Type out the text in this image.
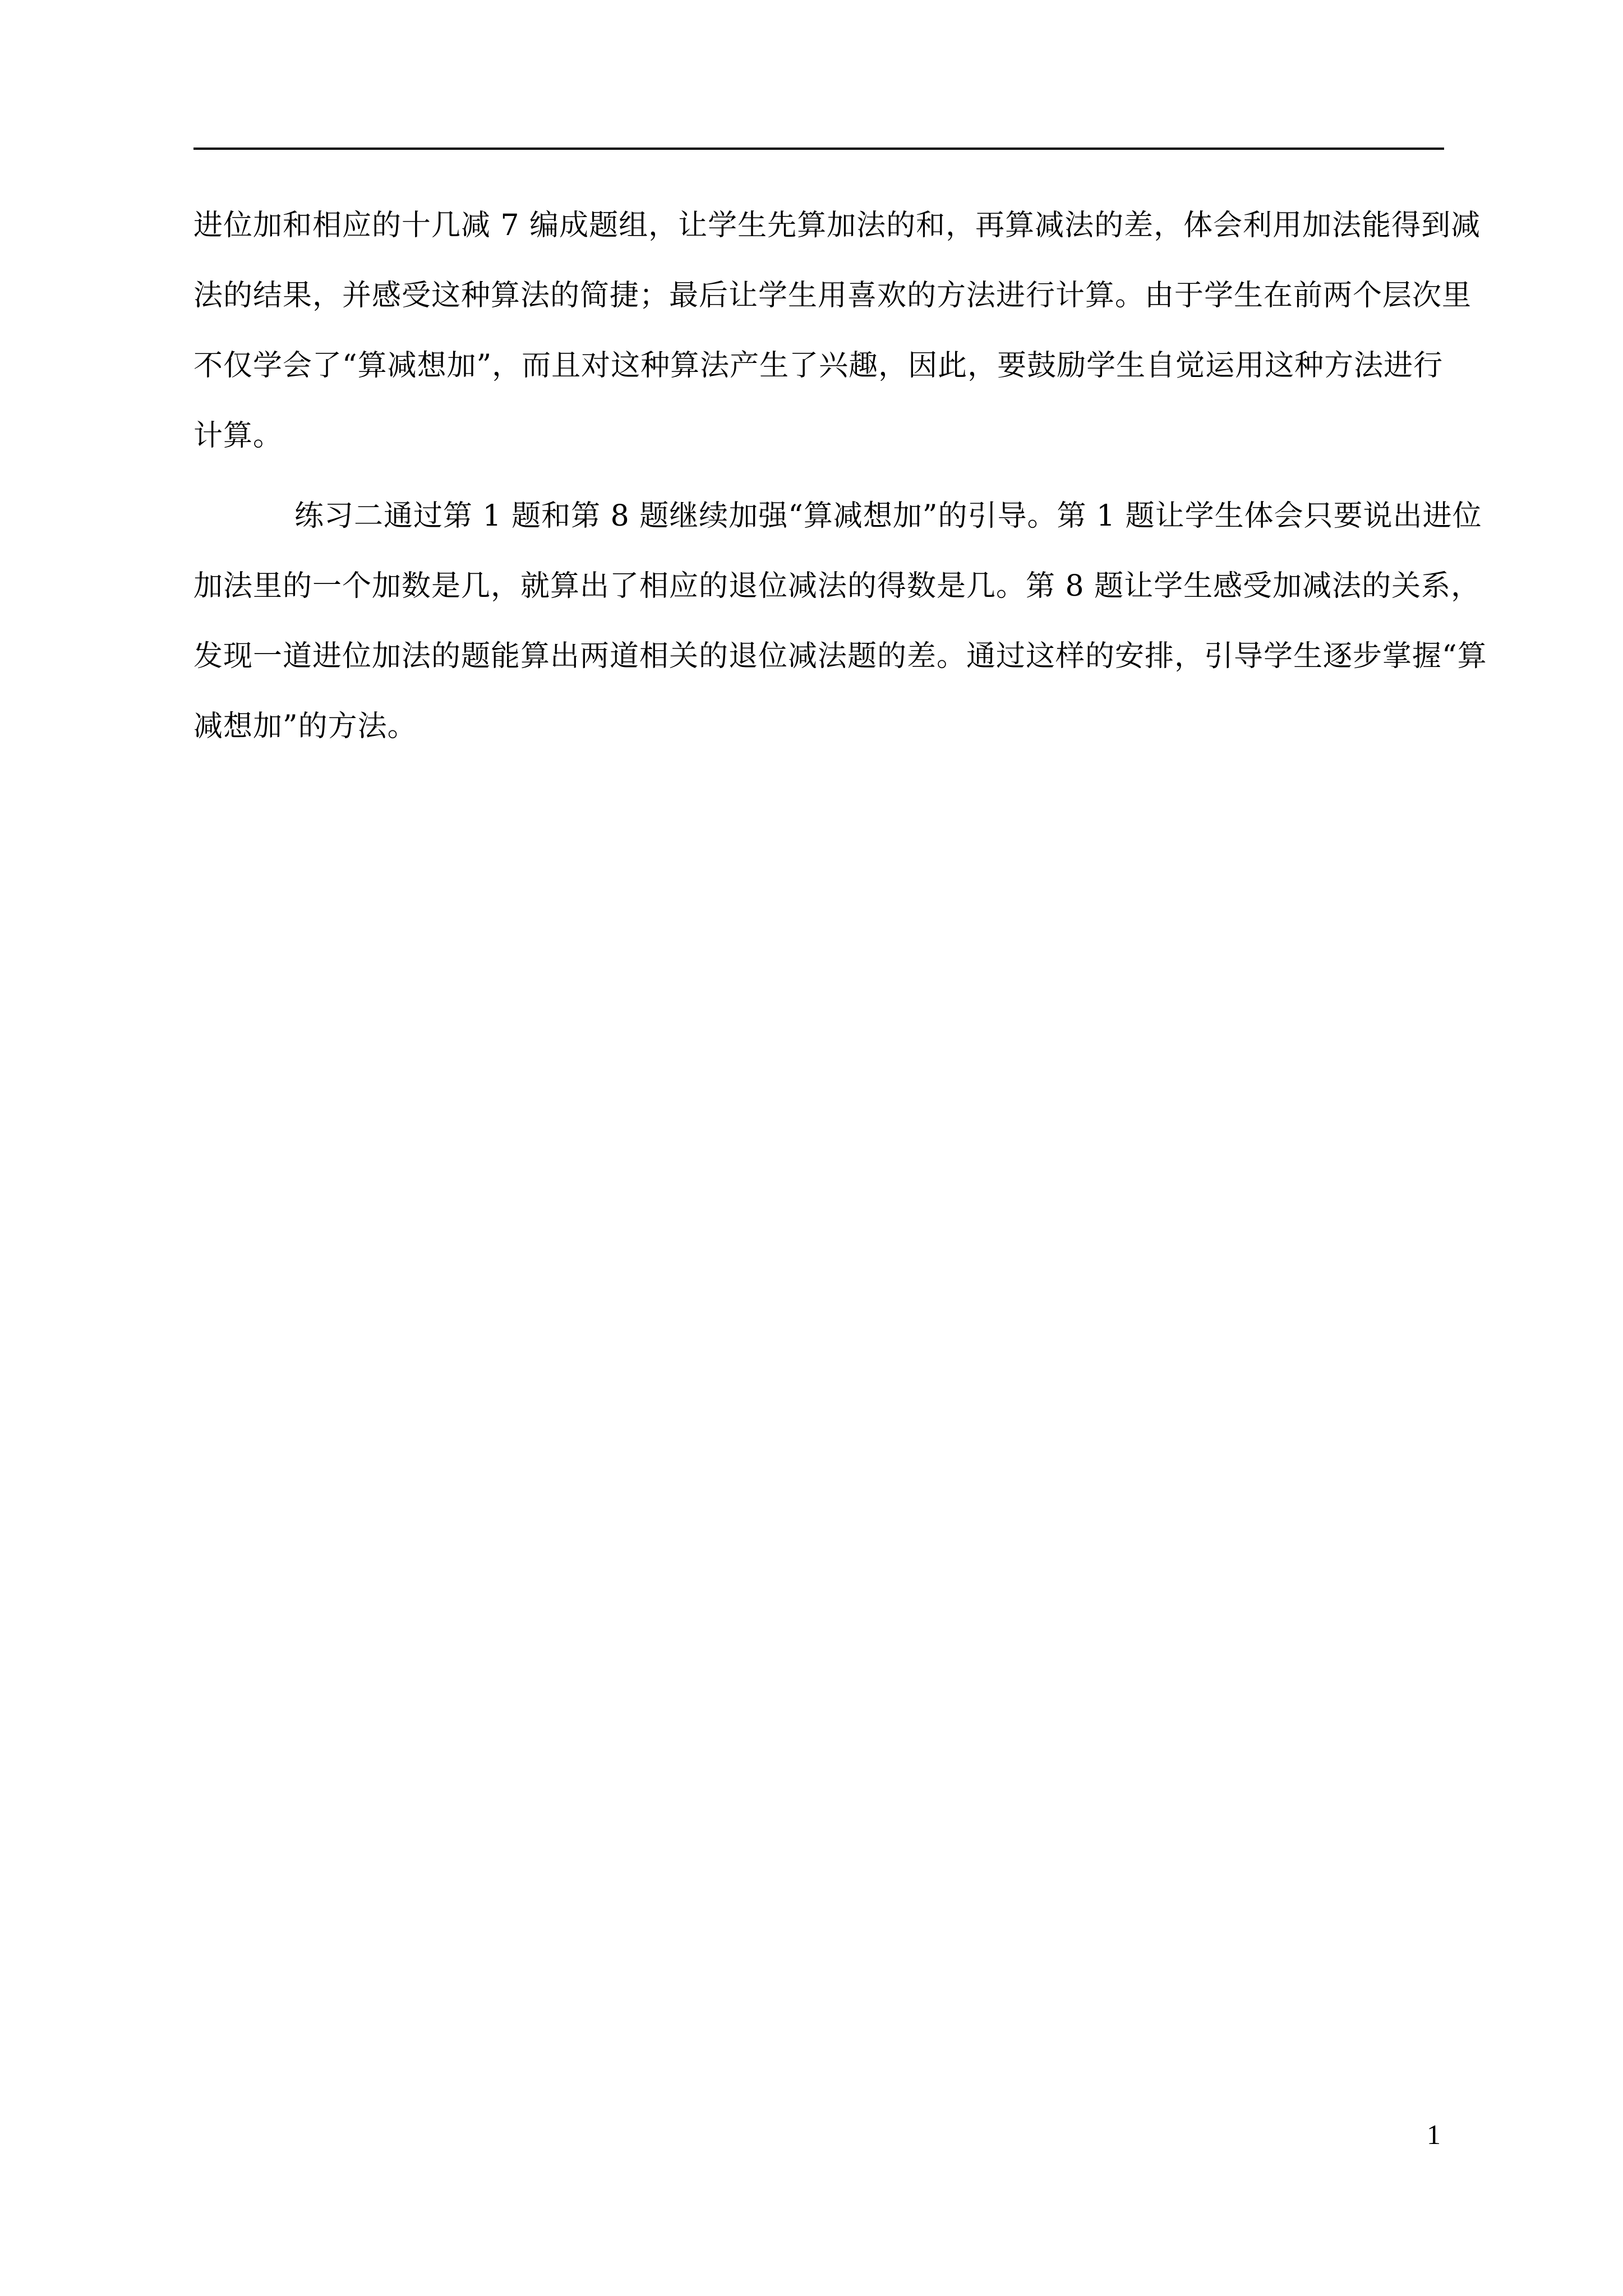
进位加和相应的十几减 7 编成题组，让学生先算加法的和，再算减法的差，体会利用加法能得到减
法的结果，并感受这种算法的简捷；最后让学生用喜欢的方法进行计算。由于学生在前两个层次里
不仅学会了“算减想加”，而且对这种算法产生了兴趣，因此，要鼓励学生自觉运用这种方法进行
计算。
练习二通过第 1 题和第 8 题继续加强“算减想加”的引导。第 1 题让学生体会只要说出进位
加法里的一个加数是几，就算出了相应的退位减法的得数是几。第 8 题让学生感受加减法的关系，
发现一道进位加法的题能算出两道相关的退位减法题的差。通过这样的安排，引导学生逐步掌握“算
减想加”的方法。
1
